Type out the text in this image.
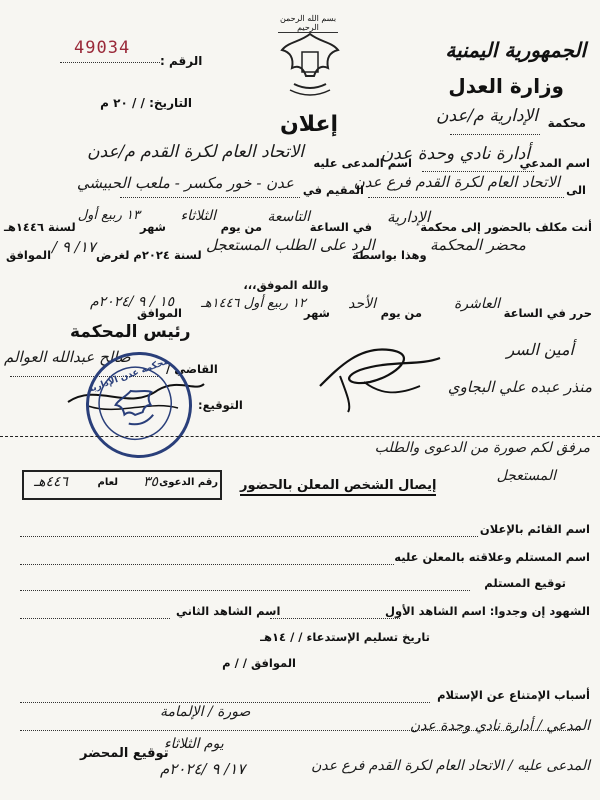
بسم الله الرحمن الرحيم
الجمهورية اليمنية
وزارة العدل
محكمة
الإدارية م/عدن
الرقم :
49034
التاريخ: / / ٢٠ م
إعلان
اسم المدعي
أدارة نادي وحدة عدن
اسم المدعى عليه
الاتحاد العام لكرة القدم م/عدن
الى
الاتحاد العام لكرة القدم فرع عدن
المقيم في
عدن - خور مكسر - ملعب الحبيشي
أنت مكلف بالحضور إلى محكمة
الإدارية
في الساعة
التاسعة
من يوم
الثلاثاء
شهر
١٣ ربيع أول
لسنة ١٤٤٦هـ
الموافق ١٧/ ٩ / لسنة ٢٠٢٤م لغرض
الرد على الطلب المستعجل
وهذا بواسطة
محضر المحكمة
والله الموفق،،،
حرر في الساعة
العاشرة
من يوم
الأحد
شهر
١٢ ربيع أول ١٤٤٦هـ
الموافق
١٥ / ٩ /٢٠٢٤م
رئيس المحكمة
القاضي /
صالح عبدالله العوالم
التوقيع:
أمين السر
منذر عبده علي البجاوي
محكمة عدن الإدارية
مرفق لكم صورة من الدعوى والطلب
المستعجل
رقم الدعوى
٣٥
لعام
٤٤٦هـ	إيصال الشخص المعلن بالحضور
اسم القائم بالإعلان
اسم المستلم وعلاقته بالمعلن عليه
توقيع المستلم
الشهود إن وجدوا: اسم الشاهد الأول
اسم الشاهد الثاني
تاريخ تسليم الإستدعاء / / ١٤هـ
الموافق / / م
أسباب الإمتناع عن الإستلام
صورة / الإلمامة
المدعي / أدارة نادي وحدة عدن
يوم الثلاثاء
توقيع المحضر
١٧/ ٩ /٢٠٢٤م	المدعى عليه / الاتحاد العام لكرة القدم فرع عدن
